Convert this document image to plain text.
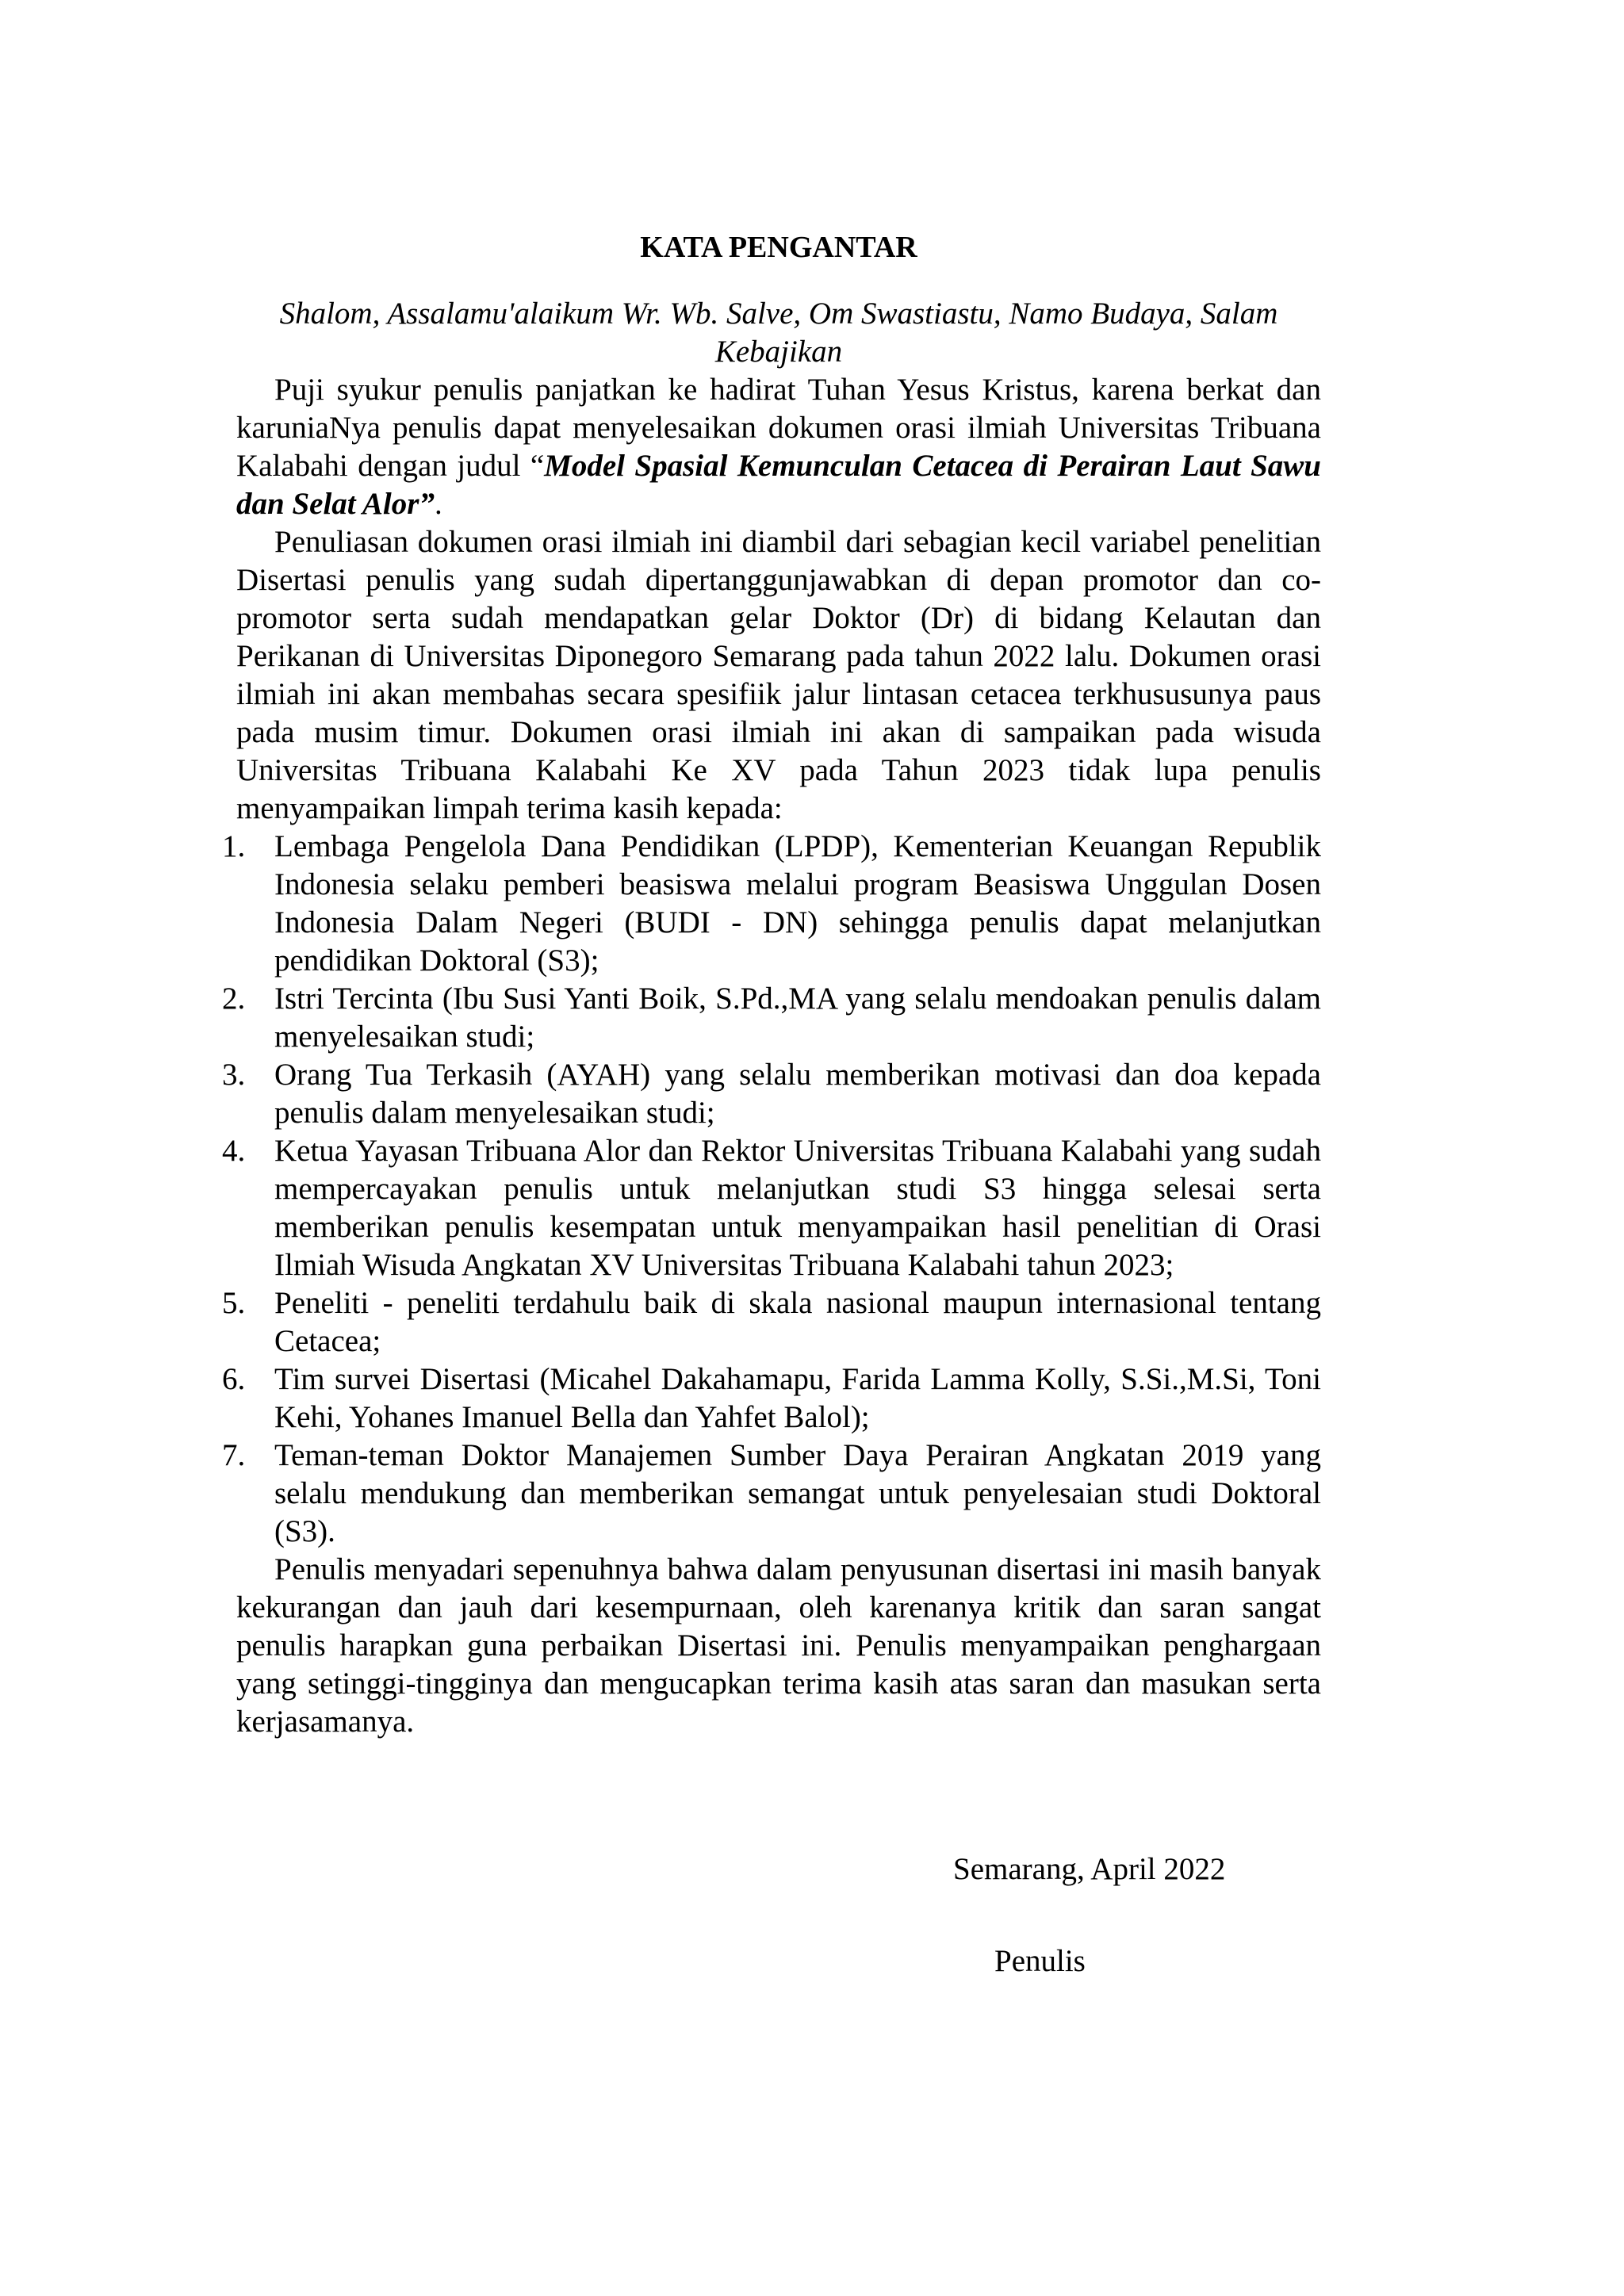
KATA PENGANTAR

Shalom, Assalamu'alaikum Wr. Wb. Salve, Om Swastiastu, Namo Budaya, Salam Kebajikan

Puji syukur penulis panjatkan ke hadirat Tuhan Yesus Kristus, karena berkat dan karuniaNya penulis dapat menyelesaikan dokumen orasi ilmiah Universitas Tribuana Kalabahi dengan judul “Model Spasial Kemunculan Cetacea di Perairan Laut Sawu dan Selat Alor”.

Penuliasan dokumen orasi ilmiah ini diambil dari sebagian kecil variabel penelitian Disertasi penulis yang sudah dipertanggunjawabkan di depan promotor dan co-promotor serta sudah mendapatkan gelar Doktor (Dr) di bidang Kelautan dan Perikanan di Universitas Diponegoro Semarang pada tahun 2022 lalu. Dokumen orasi ilmiah ini akan membahas secara spesifiik jalur lintasan cetacea terkhususunya paus pada musim timur. Dokumen orasi ilmiah ini akan di sampaikan pada wisuda Universitas Tribuana Kalabahi Ke XV pada Tahun 2023 tidak lupa penulis menyampaikan limpah terima kasih kepada:

1. Lembaga Pengelola Dana Pendidikan (LPDP), Kementerian Keuangan Republik Indonesia selaku pemberi beasiswa melalui program Beasiswa Unggulan Dosen Indonesia Dalam Negeri (BUDI - DN) sehingga penulis dapat melanjutkan pendidikan Doktoral (S3);
2. Istri Tercinta (Ibu Susi Yanti Boik, S.Pd.,MA yang selalu mendoakan penulis dalam menyelesaikan studi;
3. Orang Tua Terkasih (AYAH) yang selalu memberikan motivasi dan doa kepada penulis dalam menyelesaikan studi;
4. Ketua Yayasan Tribuana Alor dan Rektor Universitas Tribuana Kalabahi yang sudah mempercayakan penulis untuk melanjutkan studi S3 hingga selesai serta memberikan penulis kesempatan untuk menyampaikan hasil penelitian di Orasi Ilmiah Wisuda Angkatan XV Universitas Tribuana Kalabahi tahun 2023;
5. Peneliti - peneliti terdahulu baik di skala nasional maupun internasional tentang Cetacea;
6. Tim survei Disertasi (Micahel Dakahamapu, Farida Lamma Kolly, S.Si.,M.Si, Toni Kehi, Yohanes Imanuel Bella dan Yahfet Balol);
7. Teman-teman Doktor Manajemen Sumber Daya Perairan Angkatan 2019 yang selalu mendukung dan memberikan semangat untuk penyelesaian studi Doktoral (S3).

Penulis menyadari sepenuhnya bahwa dalam penyusunan disertasi ini masih banyak kekurangan dan jauh dari kesempurnaan, oleh karenanya kritik dan saran sangat penulis harapkan guna perbaikan Disertasi ini. Penulis menyampaikan penghargaan yang setinggi-tingginya dan mengucapkan terima kasih atas saran dan masukan serta kerjasamanya.

Semarang, April 2022
Penulis
